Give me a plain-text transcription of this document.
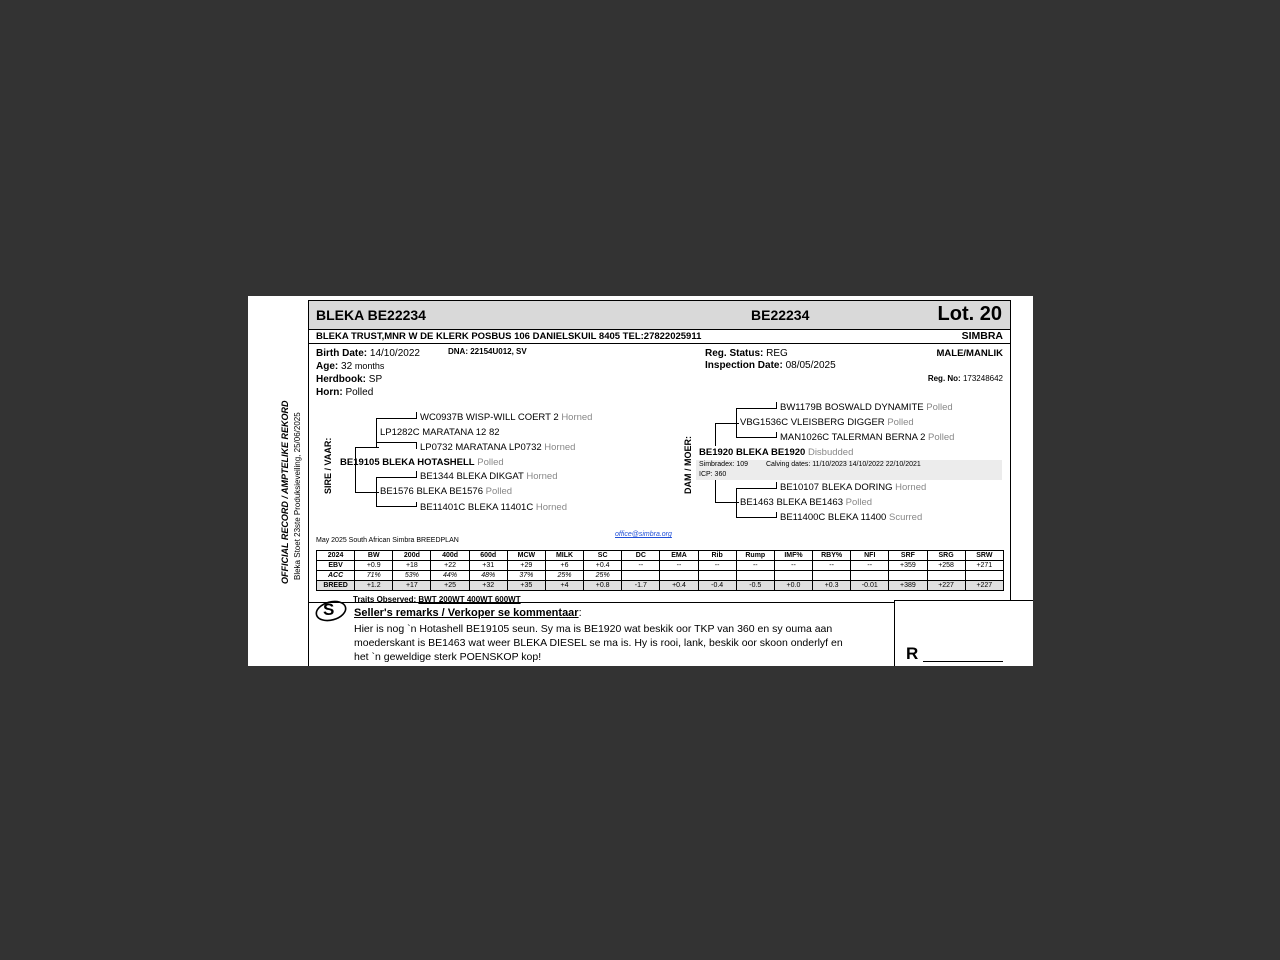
OFFICIAL RECORD / AMPTELIKE REKORD Bleka Stoet 23ste Produksieveiling, 25/06/2025
BLEKA BE22234	BE22234	Lot. 20
BLEKA TRUST,MNR W DE KLERK POSBUS 106 DANIELSKUIL 8405 TEL:27822025911	SIMBRA
Birth Date: 14/10/2022	DNA: 22154U012, SV
Age: 32 months
Herdbook: SP
Horn: Polled
Reg. Status: REG
Inspection Date: 08/05/2025
MALE/MANLIK
Reg. No: 173248642
SIRE / VAAR:
WC0937B WISP-WILL COERT 2 Horned
LP1282C MARATANA 12 82
LP0732 MARATANA LP0732 Horned
BE19105 BLEKA HOTASHELL Polled
BE1344 BLEKA DIKGAT Horned
BE1576 BLEKA BE1576 Polled
BE11401C BLEKA 11401C Horned
DAM / MOER:
BW1179B BOSWALD DYNAMITE Polled
VBG1536C VLEISBERG DIGGER Polled
MAN1026C TALERMAN BERNA 2 Polled
BE1920 BLEKA BE1920 Disbudded
Simbradex: 109	Calving dates: 11/10/2023 14/10/2022 22/10/2021
ICP: 360
BE10107 BLEKA DORING Horned
BE1463 BLEKA BE1463 Polled
BE11400C BLEKA 11400 Scurred
May 2025 South African Simbra BREEDPLAN
office@simbra.org
2024	BW	200d	400d	600d	MCW	MILK	SC	DC	EMA	Rib	Rump	IMF%	RBY%	NFI	SRF	SRG	SRW
EBV	+0.9	+18	+22	+31	+29	+6	+0.4	--	--	--	--	--	--	--	+359	+258	+271
ACC	71%	53%	44%	48%	37%	25%	25%										
BREED	+1.2	+17	+25	+32	+35	+4	+0.8	-1.7	+0.4	-0.4	-0.5	+0.0	+0.3	-0.01	+389	+227	+227
Traits Observed: BWT 200WT 400WT 600WT
S Seller's remarks / Verkoper se kommentaar:
Hier is nog `n Hotashell BE19105 seun. Sy ma is BE1920 wat beskik oor TKP van 360 en sy ouma aan
moederskant is BE1463 wat weer BLEKA DIESEL se ma is. Hy is rooi, lank, beskik oor skoon onderlyf en
het `n geweldige sterk POENSKOP kop!	R
